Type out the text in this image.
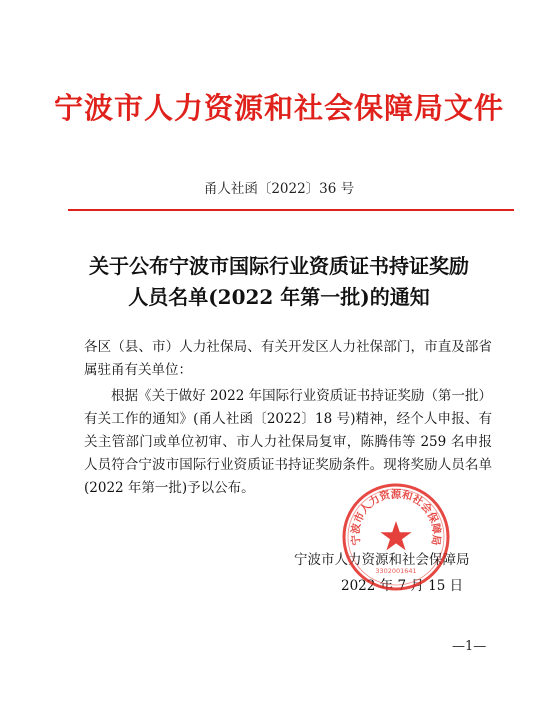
宁波市人力资源和社会保障局文件
甬人社函〔2022〕36 号
关于公布宁波市国际行业资质证书持证奖励
人员名单(2022 年第一批)的通知
各区（县、市）人力社保局、有关开发区人力社保部门，市直及部省属驻甬有关单位：
根据《关于做好 2022 年国际行业资质证书持证奖励（第一批）有关工作的通知》(甬人社函〔2022〕18 号)精神，经个人申报、有关主管部门或单位初审、市人力社保局复审，陈腾伟等 259 名申报人员符合宁波市国际行业资质证书持证奖励条件。现将奖励人员名单(2022 年第一批)予以公布。
宁波市人力资源和社会保障局
2022 年 7 月 15 日
—1—
宁波市人力资源和社会保障局
3302001641
